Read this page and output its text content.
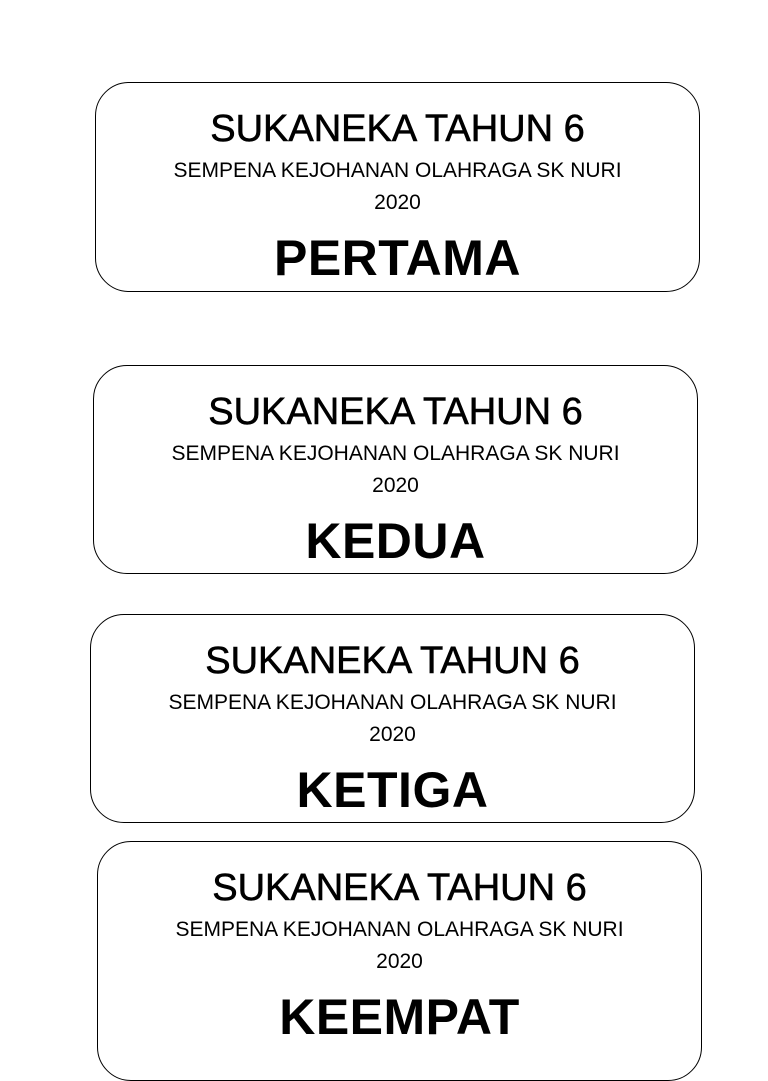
SUKANEKA TAHUN 6
SEMPENA KEJOHANAN OLAHRAGA SK NURI
2020
PERTAMA
SUKANEKA TAHUN 6
SEMPENA KEJOHANAN OLAHRAGA SK NURI
2020
KEDUA
SUKANEKA TAHUN 6
SEMPENA KEJOHANAN OLAHRAGA SK NURI
2020
KETIGA
SUKANEKA TAHUN 6
SEMPENA KEJOHANAN OLAHRAGA SK NURI
2020
KEEMPAT
